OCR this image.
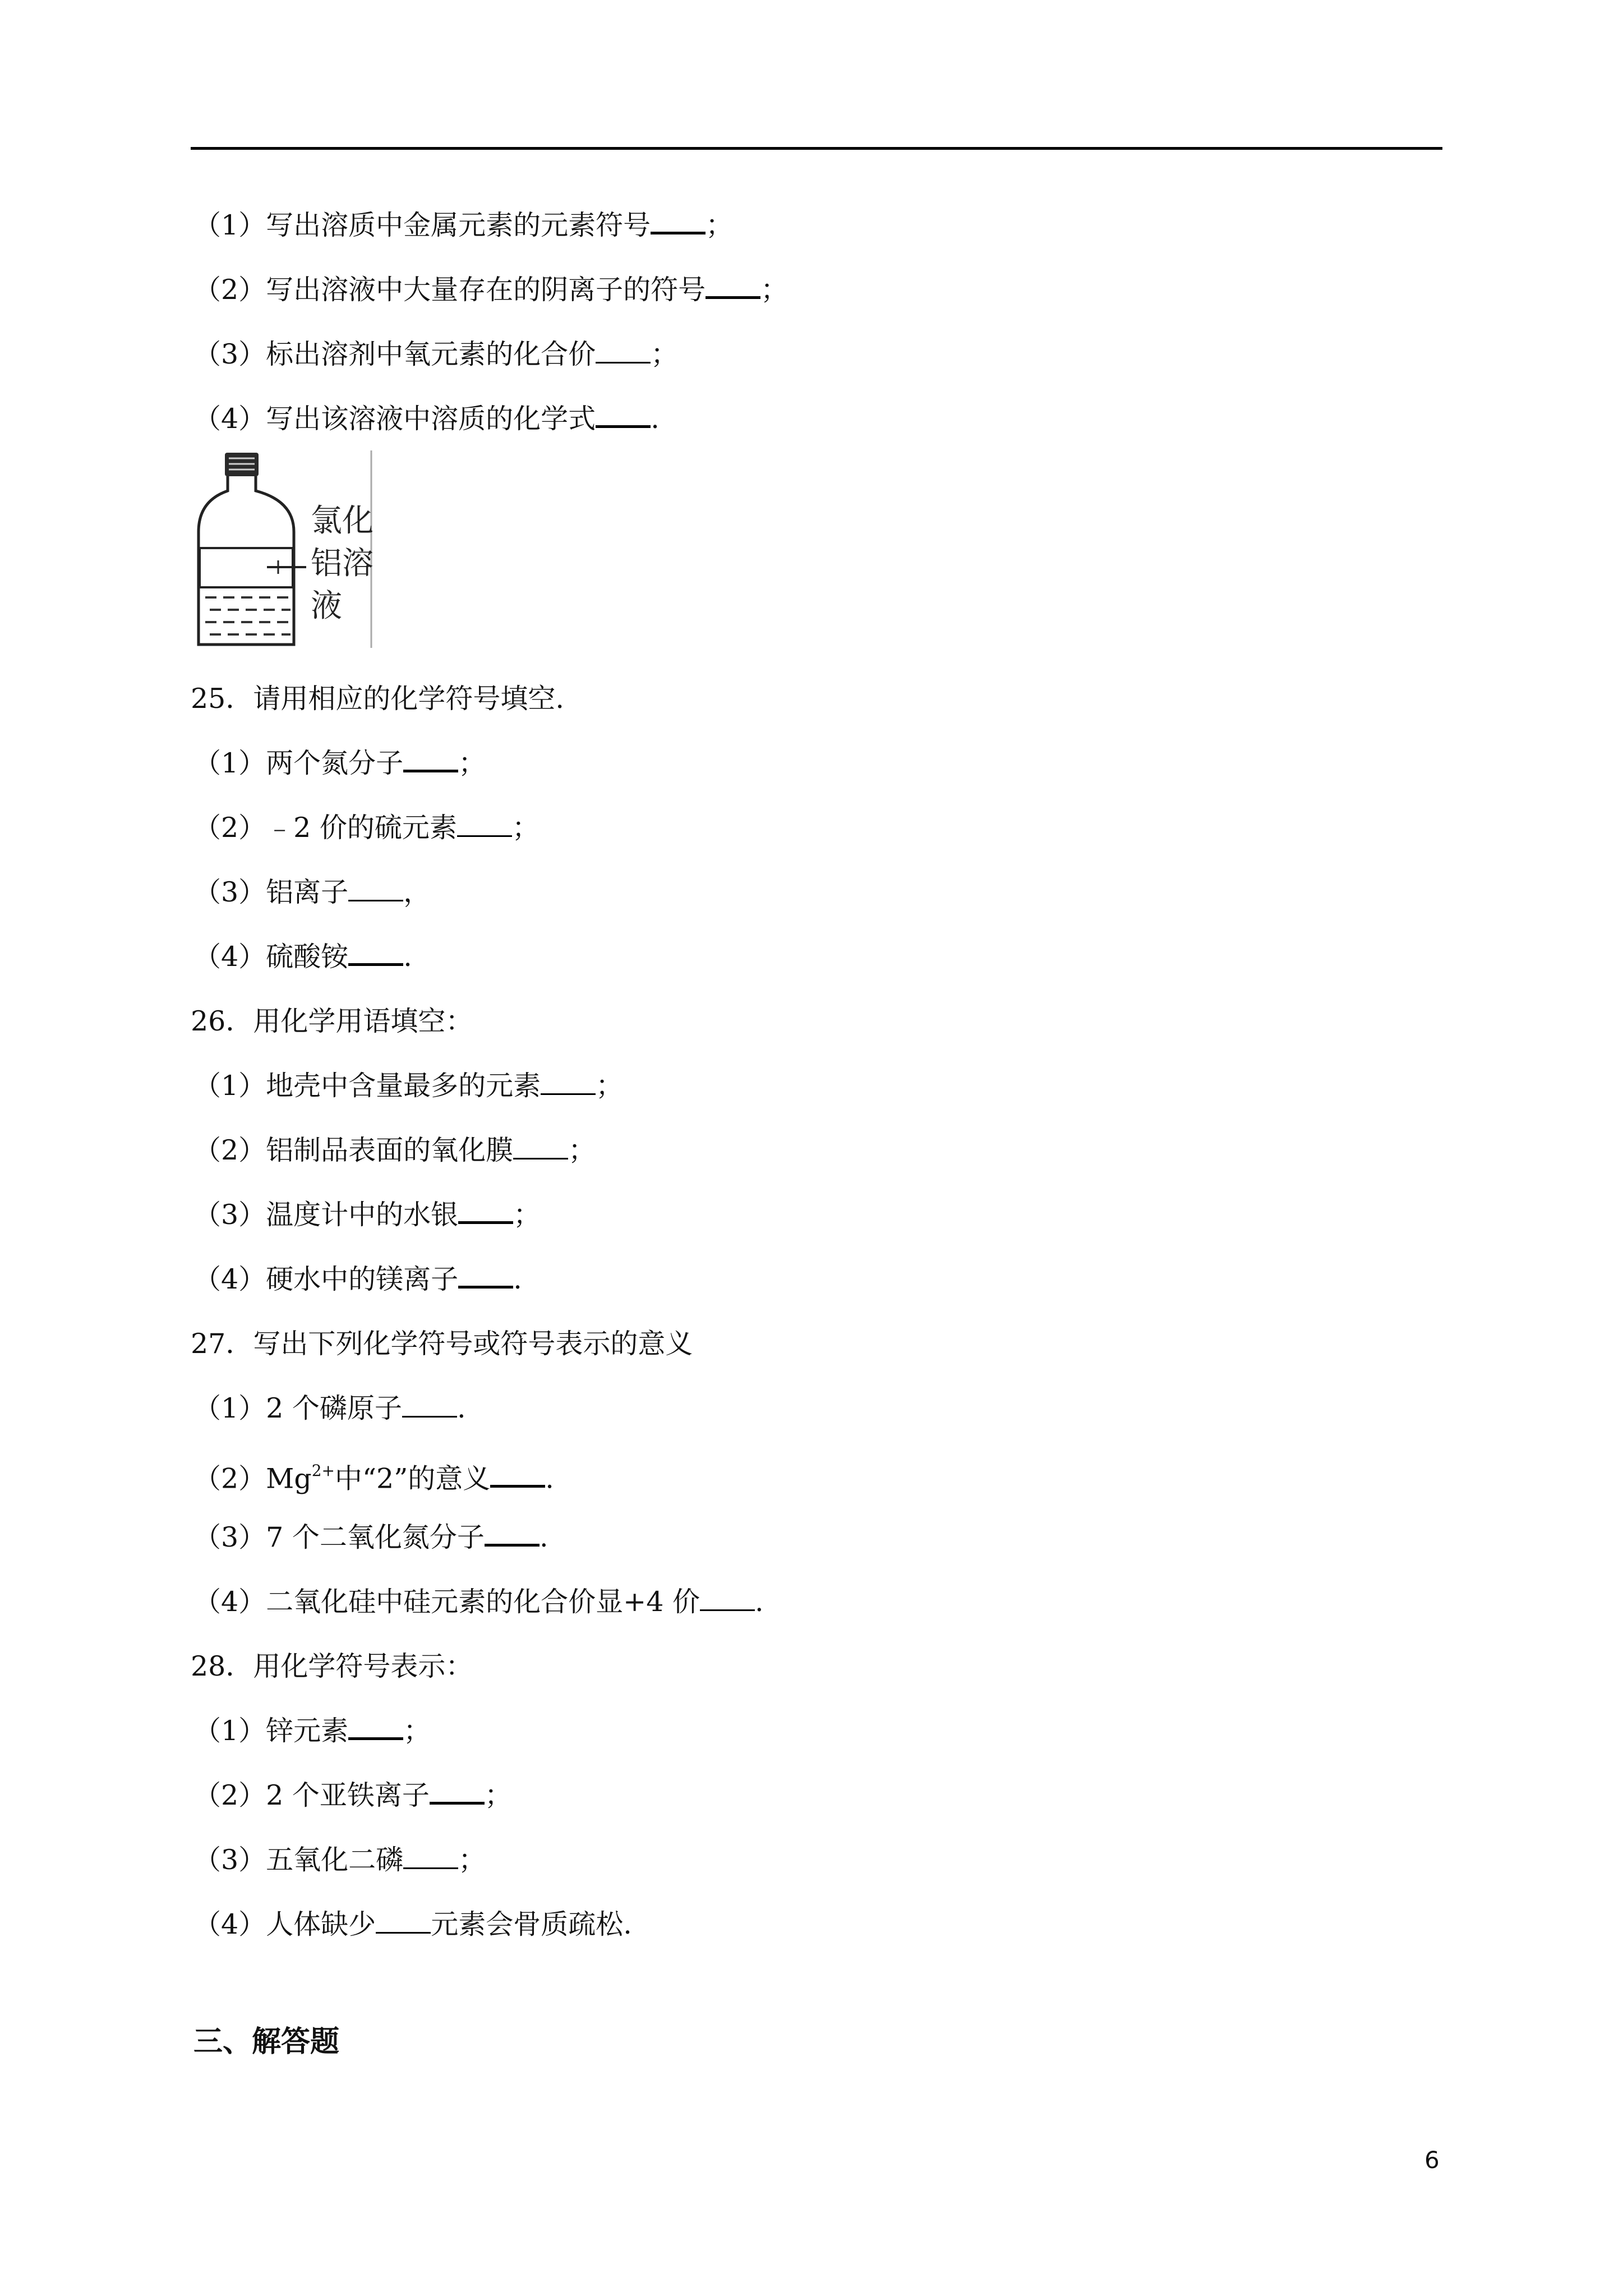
（1）写出溶质中金属元素的元素符号 ；
（2）写出溶液中大量存在的阴离子的符号 ；
（3）标出溶剂中氧元素的化合价 ；
（4）写出该溶液中溶质的化学式 .
氯化
铝溶
液
25．请用相应的化学符号填空.
（1）两个氮分子 ；
（2）﹣2 价的硫元素 ；
（3）铝离子 ，
（4）硫酸铵 .
26．用化学用语填空：
（1）地壳中含量最多的元素 ；
（2）铝制品表面的氧化膜 ；
（3）温度计中的水银 ；
（4）硬水中的镁离子 .
27．写出下列化学符号或符号表示的意义
（1）2 个磷原子 .
$(2)Mg^{2+}$中“2”的意义 .
（3）7 个二氧化氮分子 .
（4）二氧化硅中硅元素的化合价显+4 价 .
28．用化学符号表示：
（1）锌元素 ；
（2）2 个亚铁离子 ；
（3）五氧化二磷 ；
（4）人体缺少 元素会骨质疏松.
三、解答题
6
